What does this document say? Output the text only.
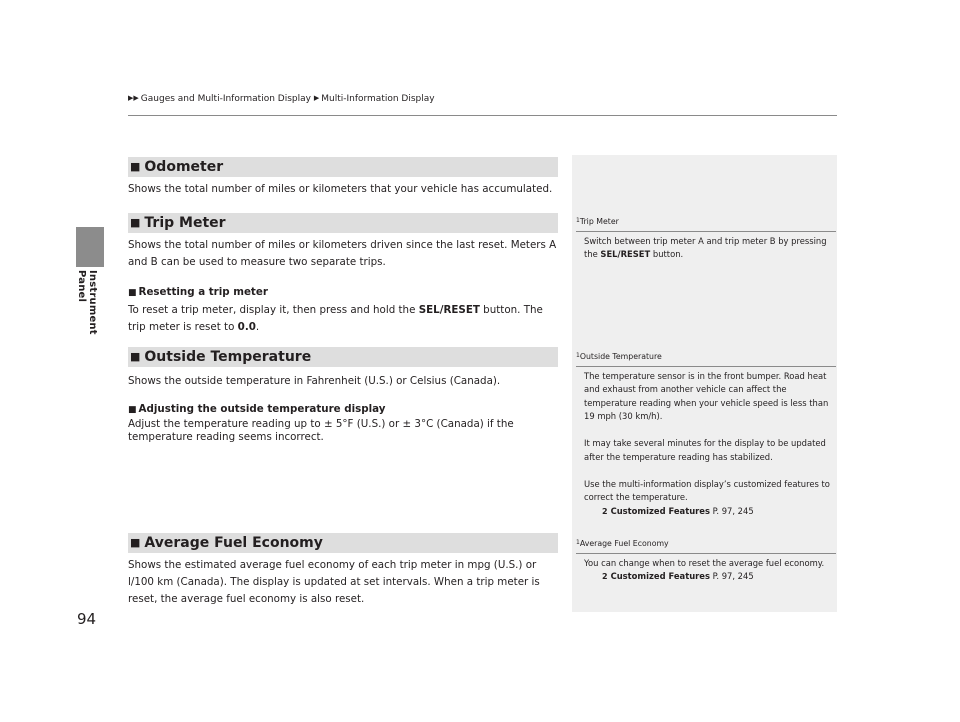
Instrument Panel
▶▶ Gauges and Multi-Information Display ▶ Multi-Information Display
■ Odometer
Shows the total number of miles or kilometers that your vehicle has accumulated.
■ Trip Meter
Shows the total number of miles or kilometers driven since the last reset. Meters A and B can be used to measure two separate trips.
■ Resetting a trip meter
To reset a trip meter, display it, then press and hold the SEL/RESET button. The trip meter is reset to 0.0.
■ Outside Temperature
Shows the outside temperature in Fahrenheit (U.S.) or Celsius (Canada).
■ Adjusting the outside temperature display
Adjust the temperature reading up to ± 5°F (U.S.) or ± 3°C (Canada) if the temperature reading seems incorrect.
■ Average Fuel Economy
Shows the estimated average fuel economy of each trip meter in mpg (U.S.) or l/100 km (Canada). The display is updated at set intervals. When a trip meter is reset, the average fuel economy is also reset.
$^1$Trip Meter
Switch between trip meter A and trip meter B by pressing the SEL/RESET button.
$^1$Outside Temperature
The temperature sensor is in the front bumper. Road heat and exhaust from another vehicle can affect the temperature reading when your vehicle speed is less than 19 mph (30 km/h).
It may take several minutes for the display to be updated after the temperature reading has stabilized.
Use the multi-information display’s customized features to correct the temperature.
2 Customized Features P. 97, 245
$^1$Average Fuel Economy
You can change when to reset the average fuel economy.
2 Customized Features P. 97, 245
94
